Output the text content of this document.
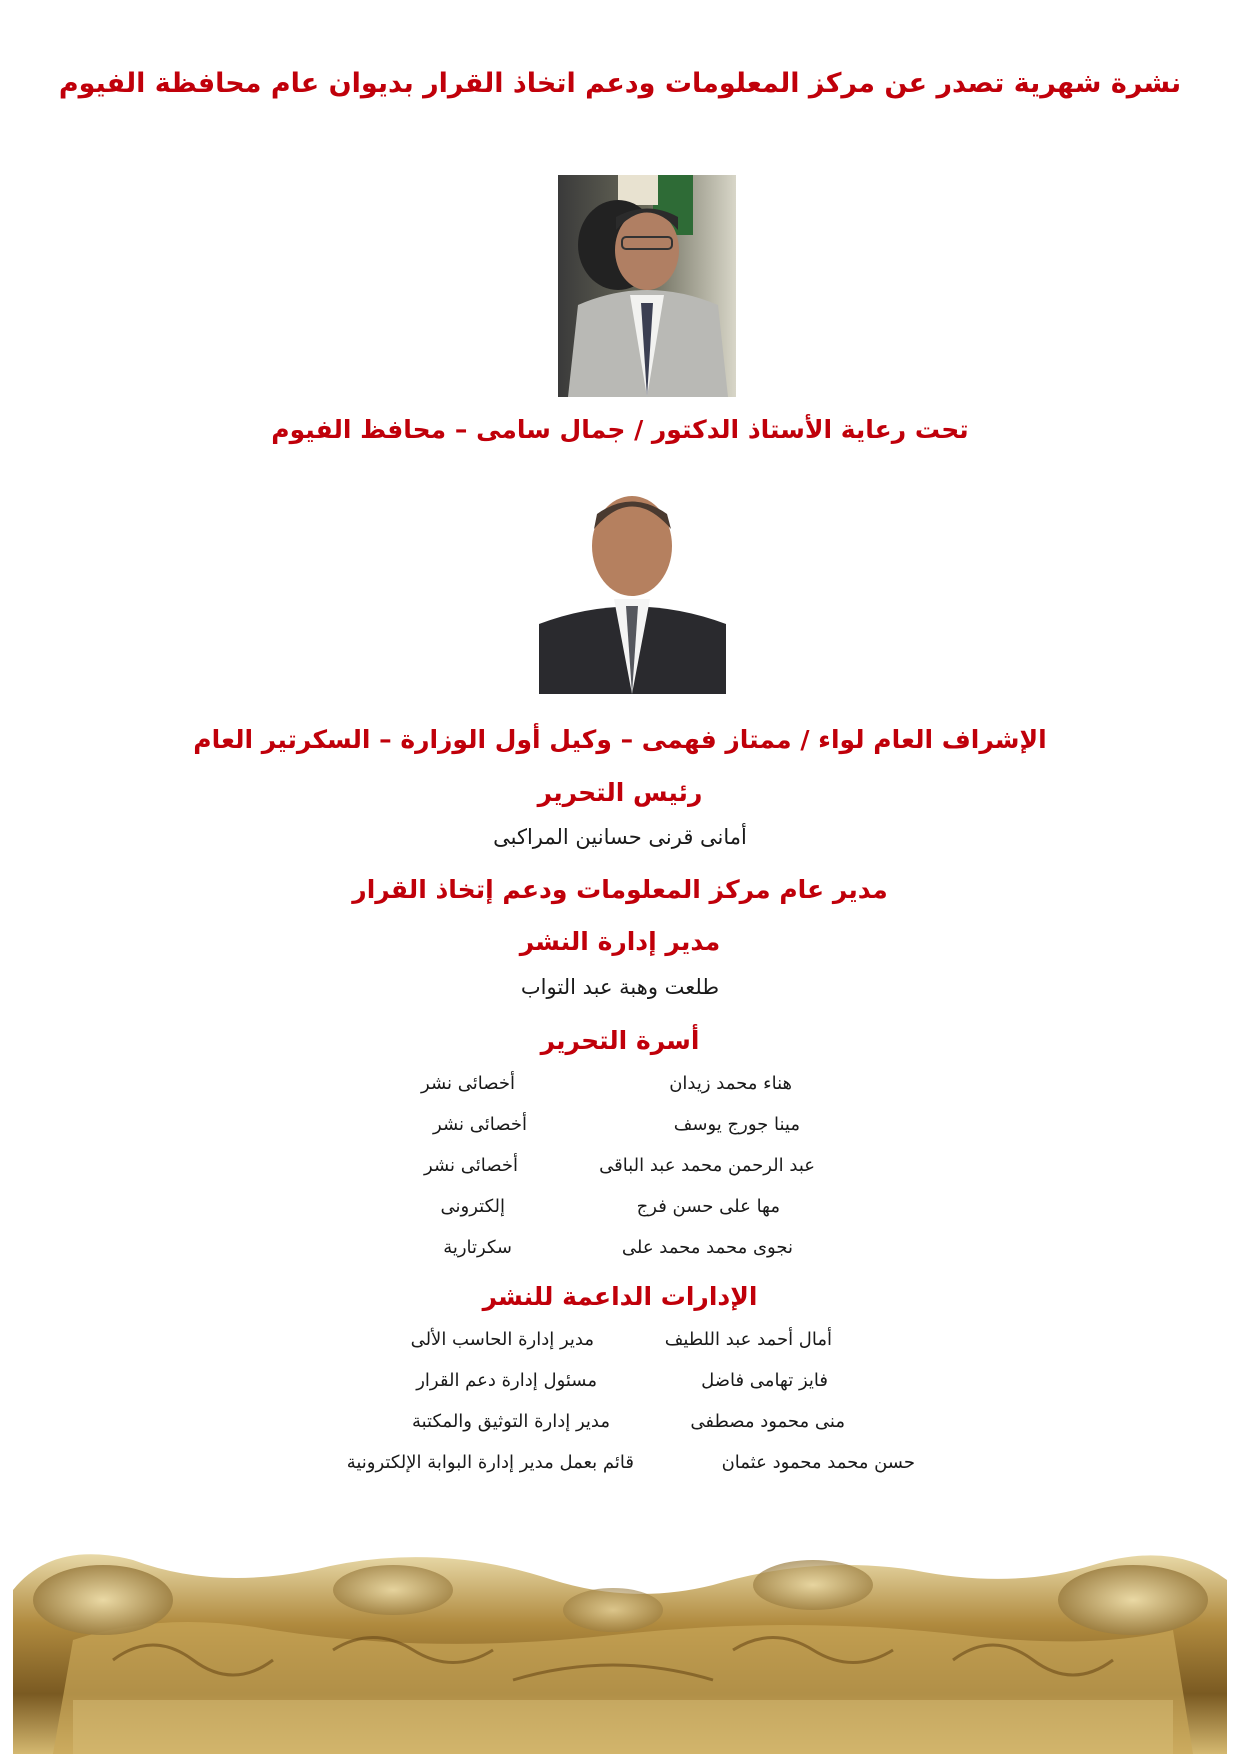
نشرة شهرية تصدر عن مركز المعلومات ودعم اتخاذ القرار بديوان عام محافظة الفيوم
تحت رعاية الأستاذ الدكتور / جمال سامى – محافظ الفيوم
الإشراف العام لواء / ممتاز فهمى – وكيل أول الوزارة – السكرتير العام
رئيس التحرير
أمانى قرنى حسانين المراكبى
مدير عام مركز المعلومات ودعم إتخاذ القرار
مدير إدارة النشر
طلعت وهبة عبد التواب
أسرة التحرير
هناء محمد زيدان
أخصائى نشر
مينا جورج يوسف
أخصائى نشر
عبد الرحمن محمد عبد الباقى
أخصائى نشر
مها على حسن فرج
إلكترونى
نجوى محمد محمد على
سكرتارية
الإدارات الداعمة للنشر
أمال أحمد عبد اللطيف
مدير إدارة الحاسب الألى
فايز تهامى فاضل
مسئول إدارة دعم القرار
منى محمود مصطفى
مدير إدارة التوثيق والمكتبة
حسن محمد محمود عثمان
قائم بعمل مدير إدارة البوابة الإلكترونية
